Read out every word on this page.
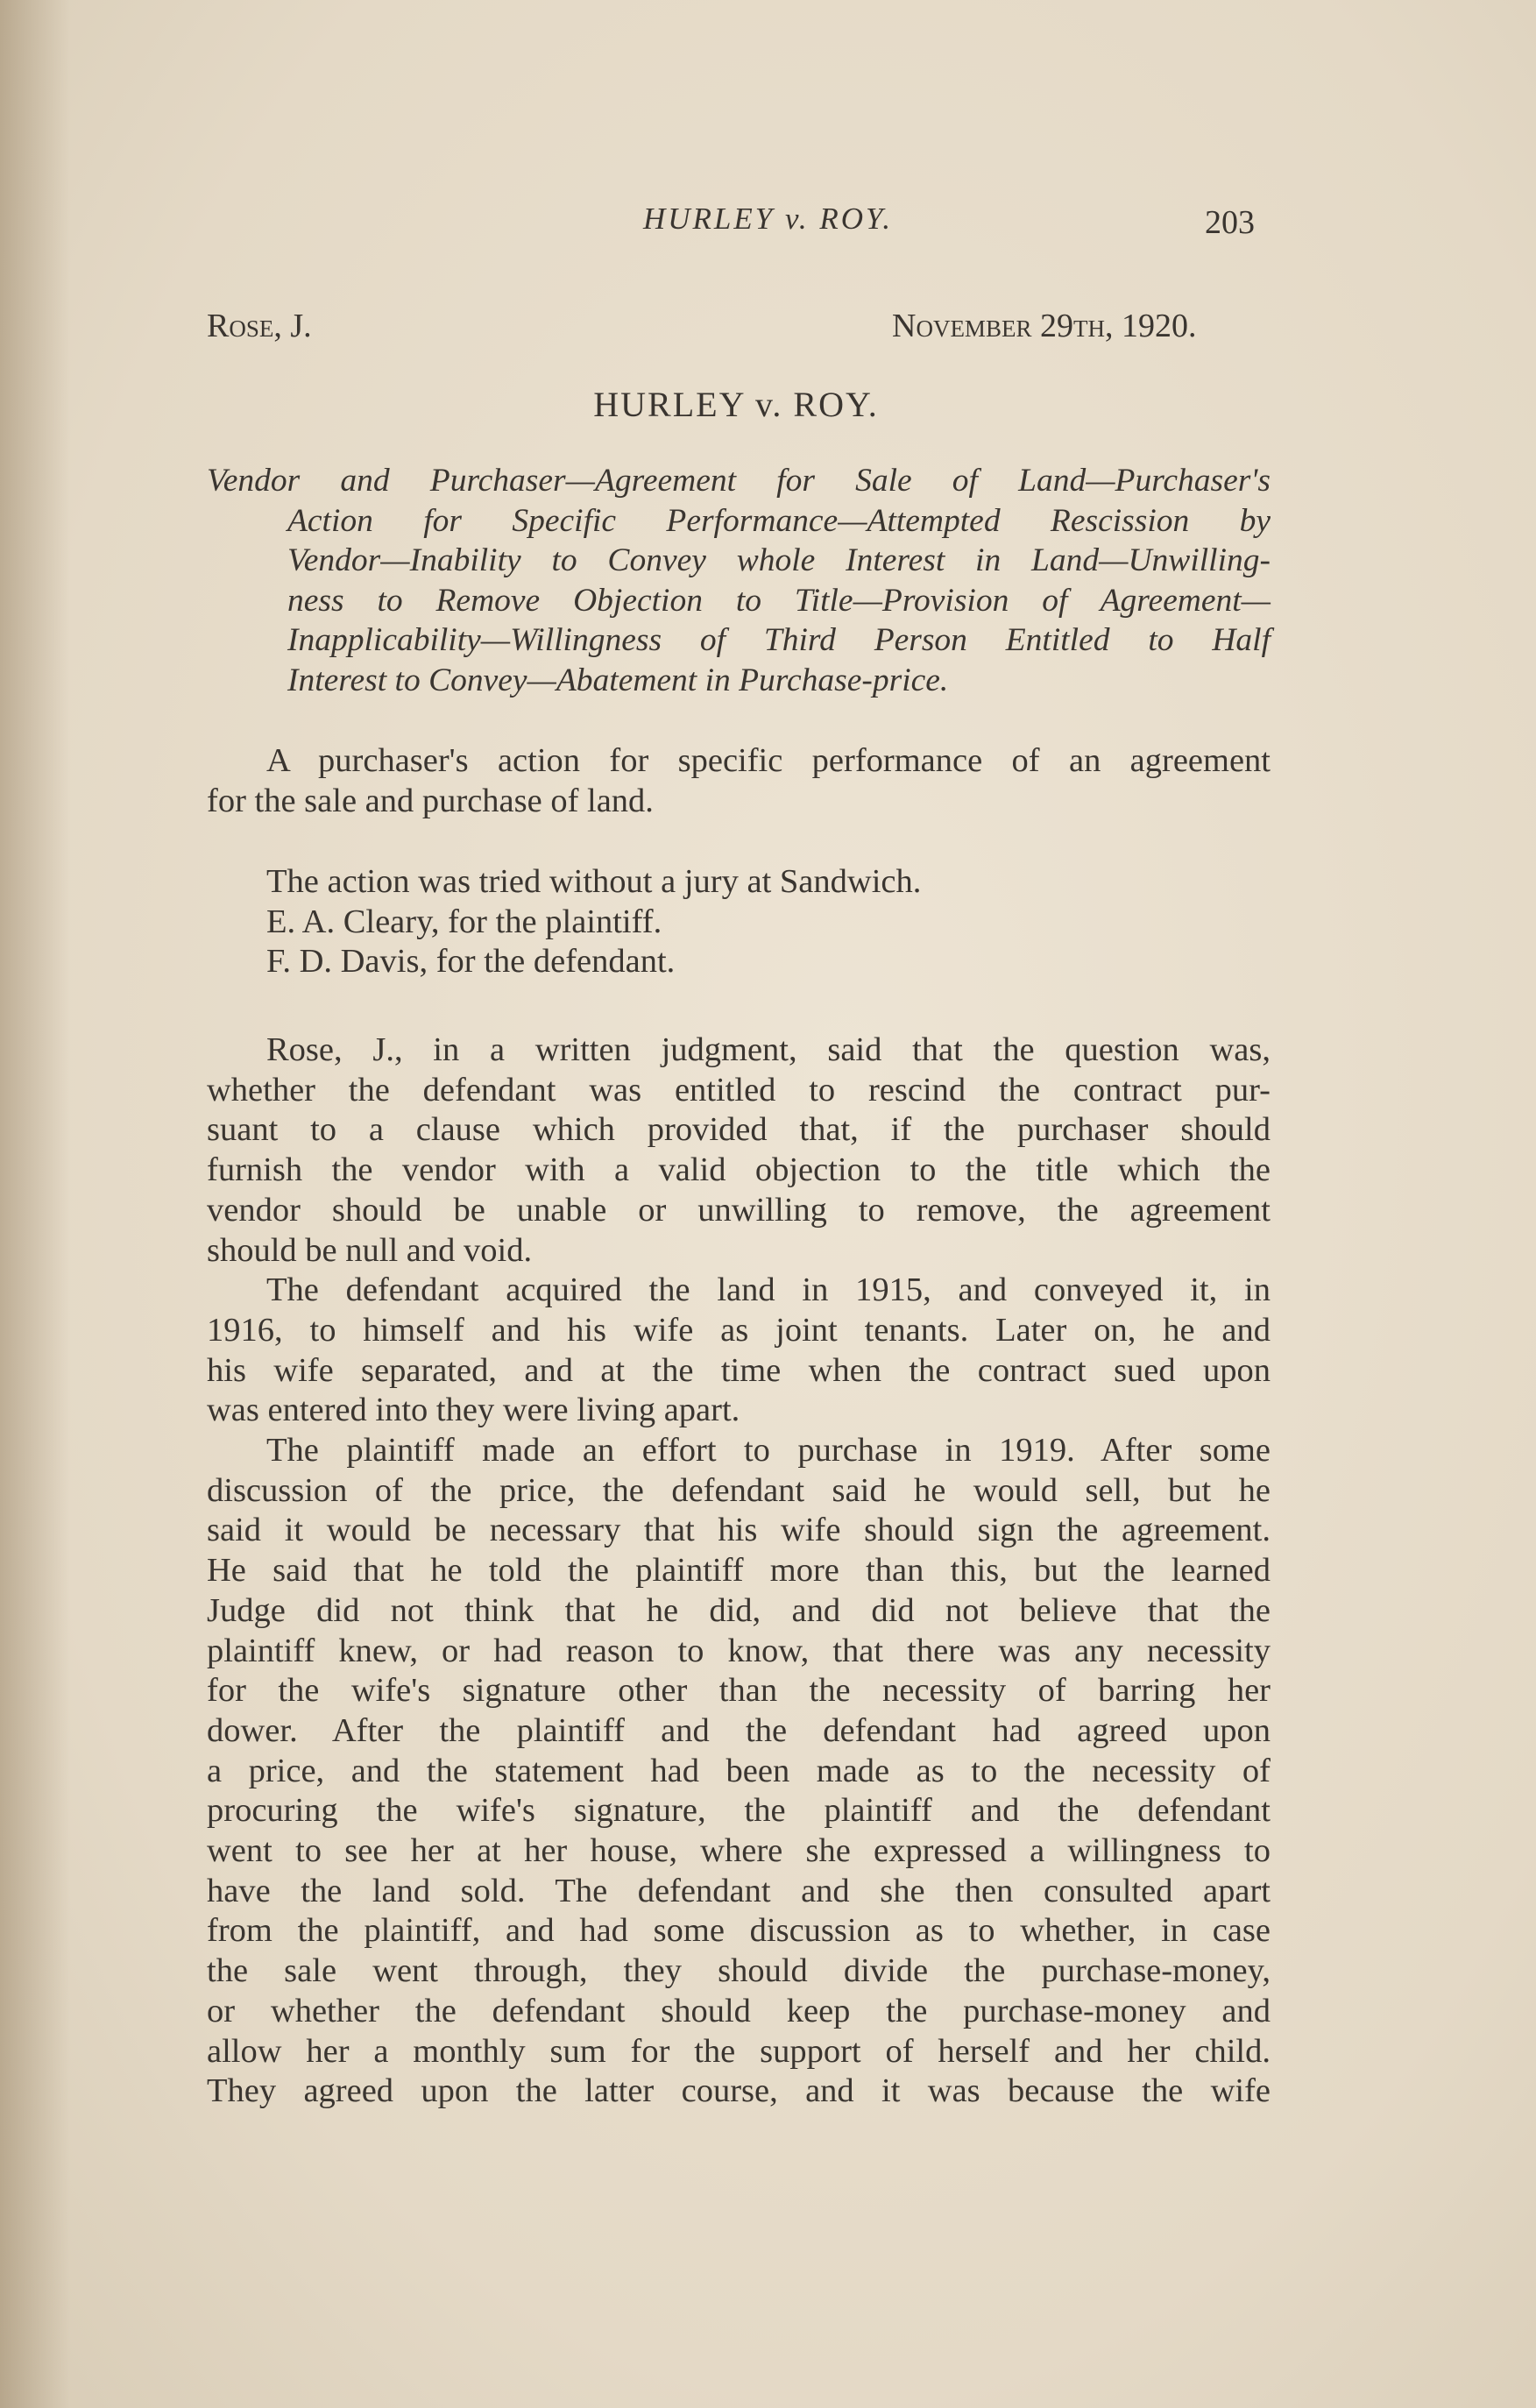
HURLEY v. ROY.	203
Rose, J.	November 29th, 1920.
HURLEY v. ROY.
Vendor and Purchaser—Agreement for Sale of Land—Purchaser's
Action for Specific Performance—Attempted Rescission by
Vendor—Inability to Convey whole Interest in Land—Unwilling-
ness to Remove Objection to Title—Provision of Agreement—
Inapplicability—Willingness of Third Person Entitled to Half
Interest to Convey—Abatement in Purchase-price.

A purchaser's action for specific performance of an agreement
for the sale and purchase of land.

The action was tried without a jury at Sandwich.
E. A. Cleary, for the plaintiff.
F. D. Davis, for the defendant.

Rose, J., in a written judgment, said that the question was,
whether the defendant was entitled to rescind the contract pur-
suant to a clause which provided that, if the purchaser should
furnish the vendor with a valid objection to the title which the
vendor should be unable or unwilling to remove, the agreement
should be null and void.

The defendant acquired the land in 1915, and conveyed it, in
1916, to himself and his wife as joint tenants. Later on, he and
his wife separated, and at the time when the contract sued upon
was entered into they were living apart.

The plaintiff made an effort to purchase in 1919. After some
discussion of the price, the defendant said he would sell, but he
said it would be necessary that his wife should sign the agreement.
He said that he told the plaintiff more than this, but the learned
Judge did not think that he did, and did not believe that the
plaintiff knew, or had reason to know, that there was any necessity
for the wife's signature other than the necessity of barring her
dower. After the plaintiff and the defendant had agreed upon
a price, and the statement had been made as to the necessity of
procuring the wife's signature, the plaintiff and the defendant
went to see her at her house, where she expressed a willingness to
have the land sold. The defendant and she then consulted apart
from the plaintiff, and had some discussion as to whether, in case
the sale went through, they should divide the purchase-money,
or whether the defendant should keep the purchase-money and
allow her a monthly sum for the support of herself and her child.
They agreed upon the latter course, and it was because the wife
